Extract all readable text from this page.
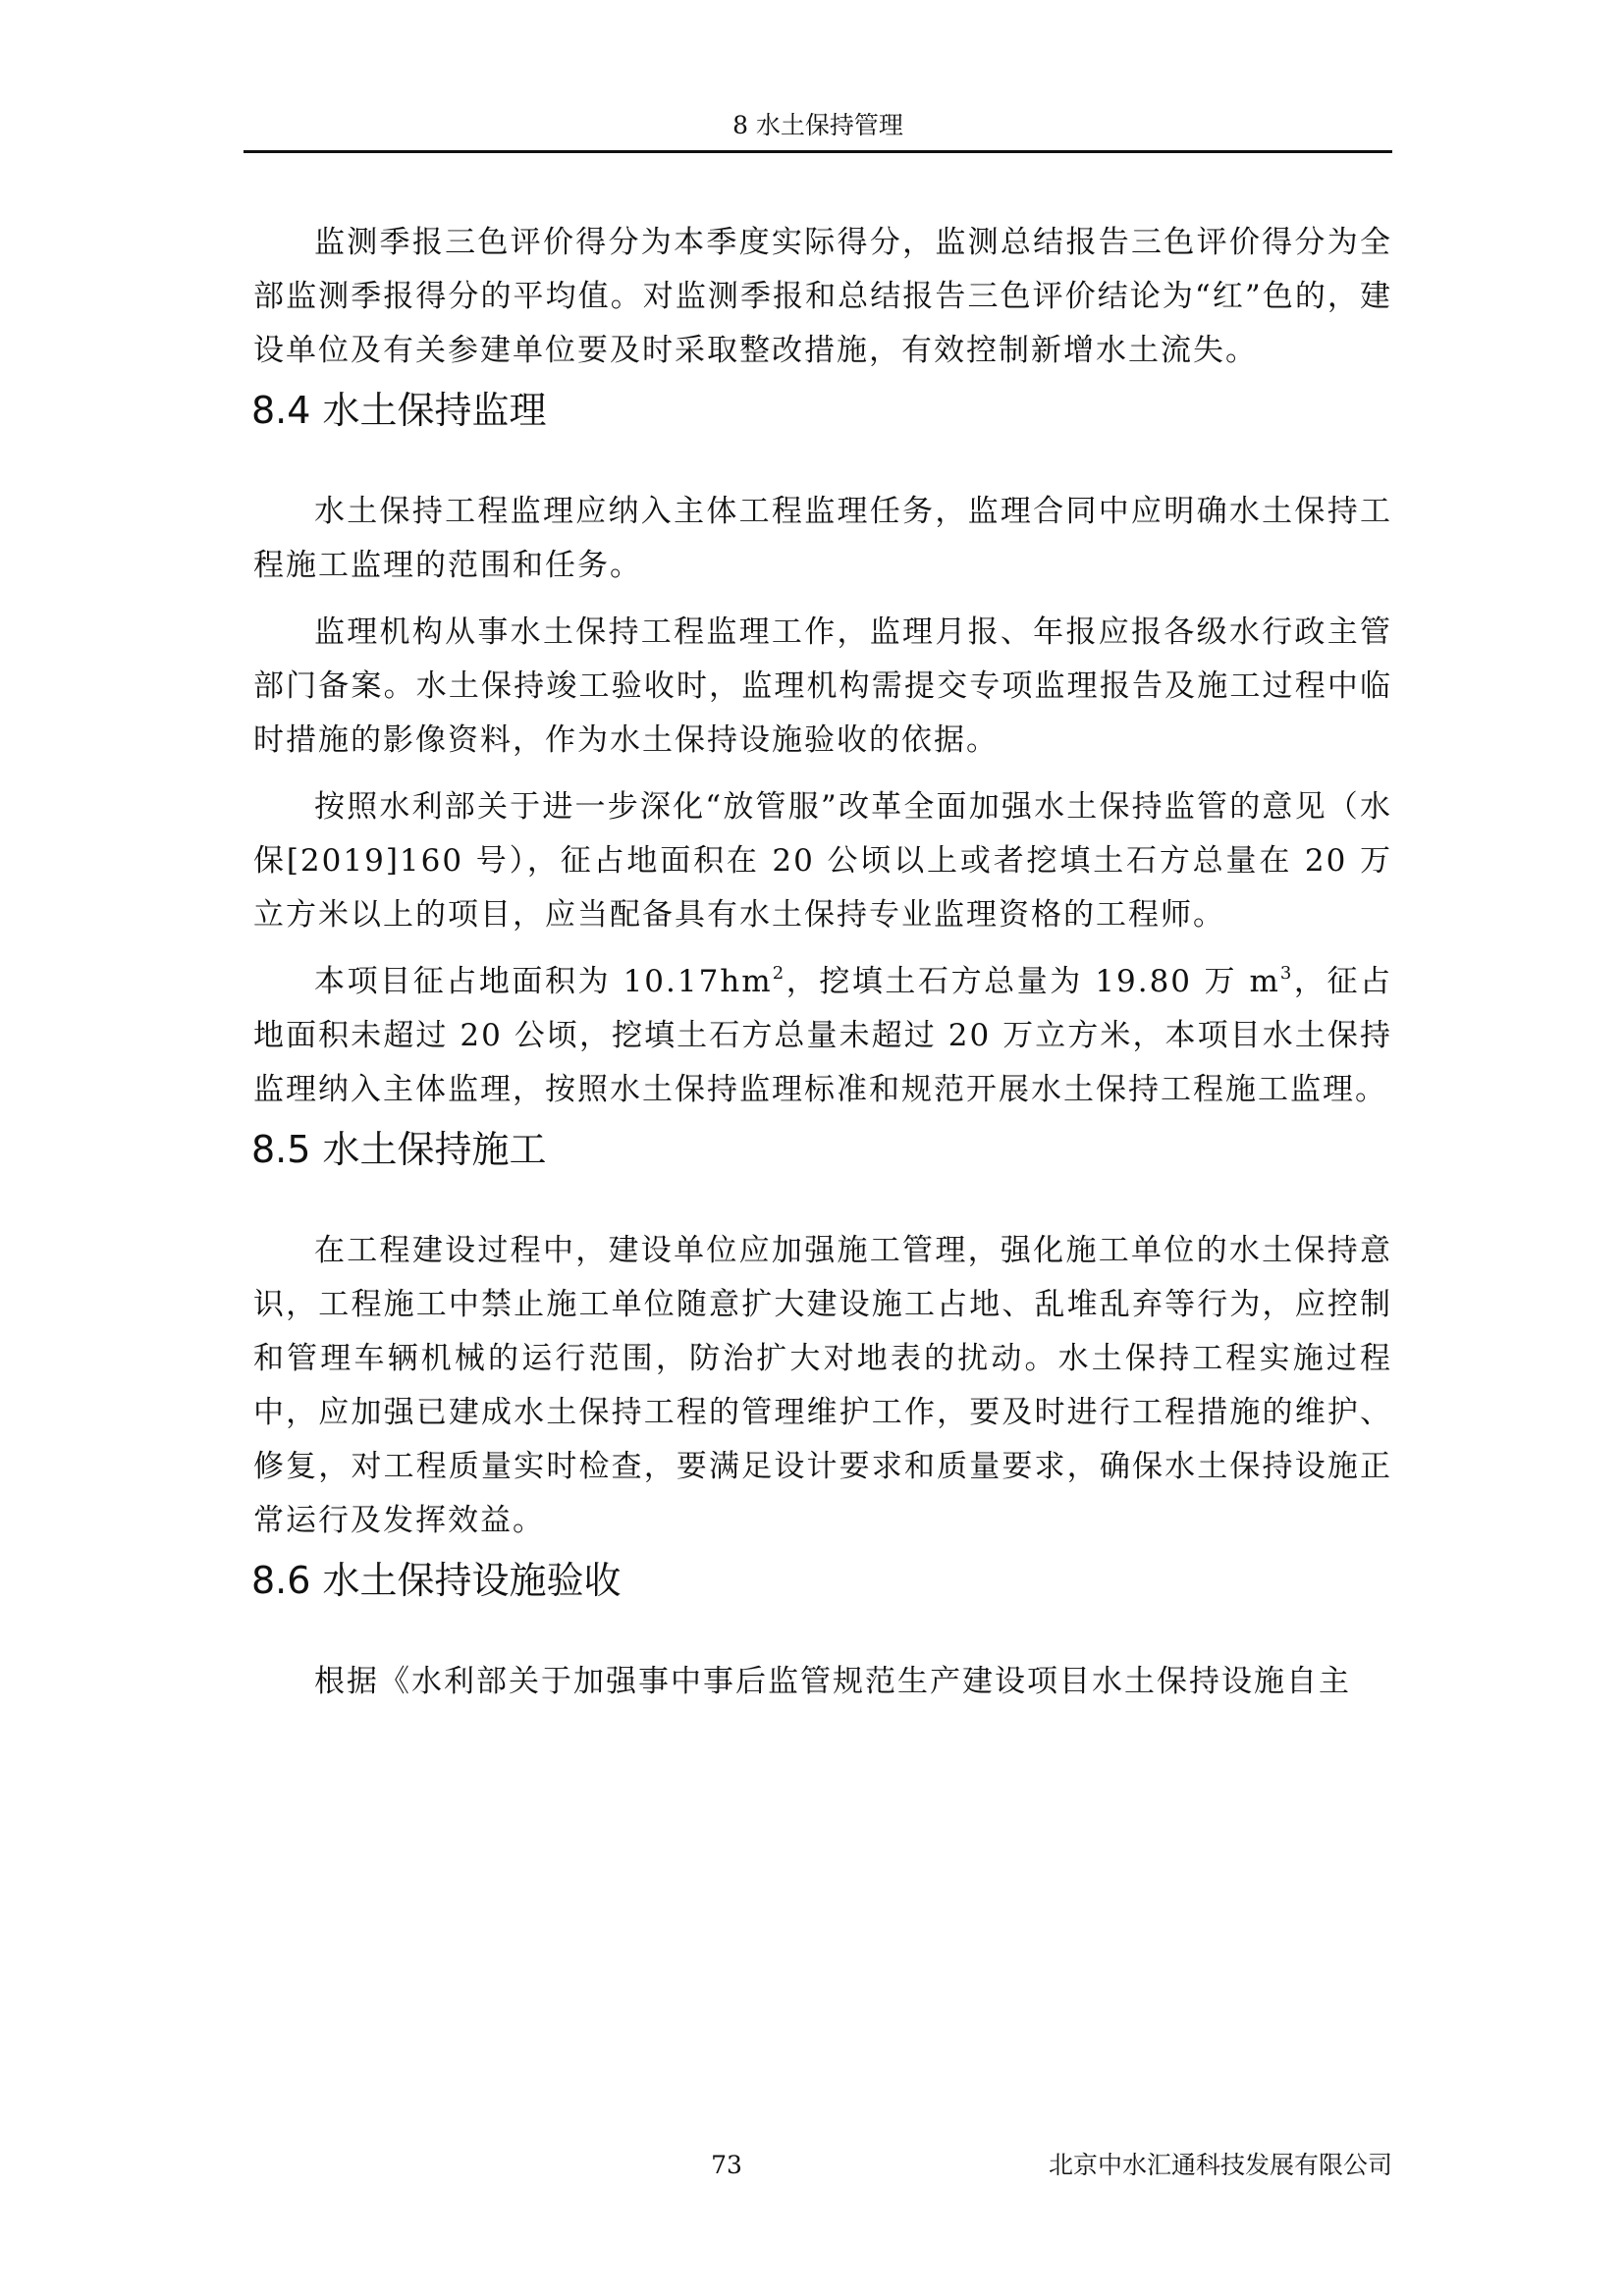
8 水土保持管理

监测季报三色评价得分为本季度实际得分，监测总结报告三色评价得分为全部监测季报得分的平均值。对监测季报和总结报告三色评价结论为“红”色的，建设单位及有关参建单位要及时采取整改措施，有效控制新增水土流失。

8.4 水土保持监理

水土保持工程监理应纳入主体工程监理任务，监理合同中应明确水土保持工程施工监理的范围和任务。

监理机构从事水土保持工程监理工作，监理月报、年报应报各级水行政主管部门备案。水土保持竣工验收时，监理机构需提交专项监理报告及施工过程中临时措施的影像资料，作为水土保持设施验收的依据。

按照水利部关于进一步深化“放管服”改革全面加强水土保持监管的意见（水保[2019]160 号），征占地面积在 20 公顷以上或者挖填土石方总量在 20 万立方米以上的项目，应当配备具有水土保持专业监理资格的工程师。

本项目征占地面积为 $10.17hm^2$，挖填土石方总量为 19.80 万 $m^3$，征占地面积未超过 20 公顷，挖填土石方总量未超过 20 万立方米，本项目水土保持监理纳入主体监理，按照水土保持监理标准和规范开展水土保持工程施工监理。

8.5 水土保持施工

在工程建设过程中，建设单位应加强施工管理，强化施工单位的水土保持意识，工程施工中禁止施工单位随意扩大建设施工占地、乱堆乱弃等行为，应控制和管理车辆机械的运行范围，防治扩大对地表的扰动。水土保持工程实施过程中，应加强已建成水土保持工程的管理维护工作，要及时进行工程措施的维护、修复，对工程质量实时检查，要满足设计要求和质量要求，确保水土保持设施正常运行及发挥效益。

8.6 水土保持设施验收

根据《水利部关于加强事中事后监管规范生产建设项目水土保持设施自主

73	北京中水汇通科技发展有限公司
